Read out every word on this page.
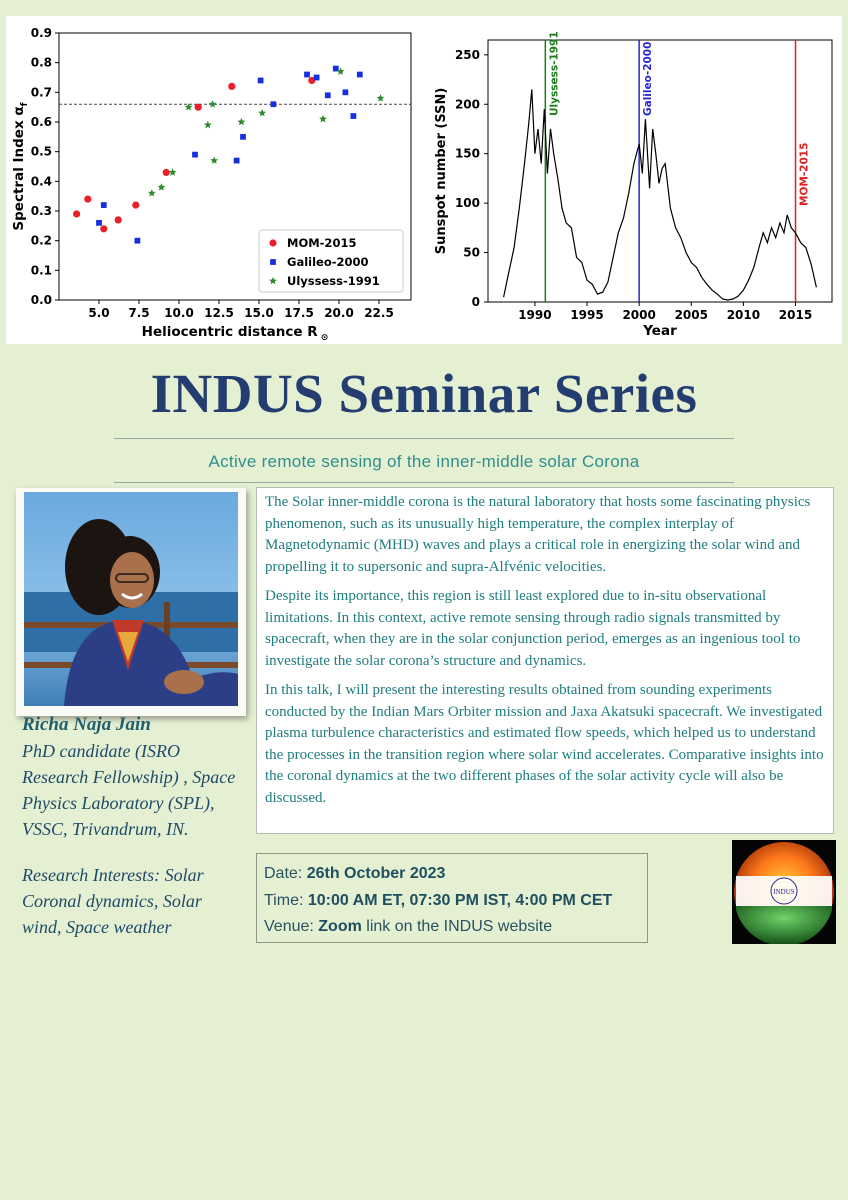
5.0 7.5 10.0 12.5 15.0 17.5 20.0 22.5
0.0
0.1
0.2
0.3
0.4
0.5
0.6
0.7
0.8
0.9
MOM-2015
Galileo-2000
Ulyssess-1991
Heliocentric distance R $_⊙$
Spectral Index $\alpha_f$
1990 1995 2000 2005 2010 2015
0
50
100
150
200
250	Ulyssess-1991	Galileo-2000
MOM-2015
Year
Sunspot number (SSN)
INDUS Seminar Series
Active remote sensing of the inner-middle solar Corona

Richa Naja Jain

PhD candidate (ISRO

Research Fellowship) , Space

Physics Laboratory (SPL),

VSSC, Trivandrum, IN.

Research Interests: Solar

Coronal dynamics, Solar

wind, Space weather

The Solar inner-middle corona is the natural laboratory that hosts some fascinating physics phenomenon, such as its unusually high temperature, the complex interplay of Magnetodynamic (MHD) waves and plays a critical role in energizing the solar wind and propelling it to supersonic and supra-Alfvénic velocities.

Despite its importance, this region is still least explored due to in-situ observational limitations. In this context, active remote sensing through radio signals transmitted by spacecraft, when they are in the solar conjunction period, emerges as an ingenious tool to investigate the solar corona’s structure and dynamics.

In this talk, I will present the interesting results obtained from sounding experiments conducted by the Indian Mars Orbiter mission and Jaxa Akatsuki spacecraft. We investigated plasma turbulence characteristics and estimated flow speeds, which helped us to understand the processes in the transition region where solar wind accelerates. Comparative insights into the coronal dynamics at the two different phases of the solar activity cycle will also be discussed.

Date: 26th October 2023
Time: 10:00 AM ET, 07:30 PM IST, 4:00 PM CET
Venue: Zoom link on the INDUS website
INDUS
